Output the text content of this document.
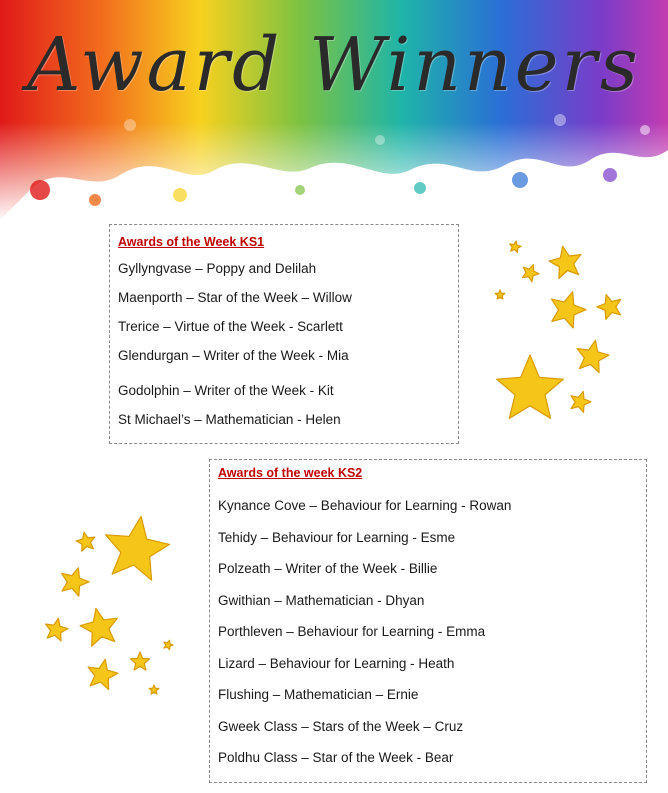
Award Winners
Awards of the Week KS1
Gyllyngvase – Poppy and Delilah
Maenporth – Star of the Week – Willow
Trerice – Virtue of the Week - Scarlett
Glendurgan – Writer of the Week - Mia
Godolphin – Writer of the Week - Kit
St Michael’s – Mathematician - Helen
Awards of the week KS2
Kynance Cove – Behaviour for Learning - Rowan
Tehidy – Behaviour for Learning - Esme
Polzeath – Writer of the Week - Billie
Gwithian – Mathematician - Dhyan
Porthleven – Behaviour for Learning - Emma
Lizard – Behaviour for Learning - Heath
Flushing – Mathematician – Ernie
Gweek Class – Stars of the Week – Cruz
Poldhu Class – Star of the Week - Bear
